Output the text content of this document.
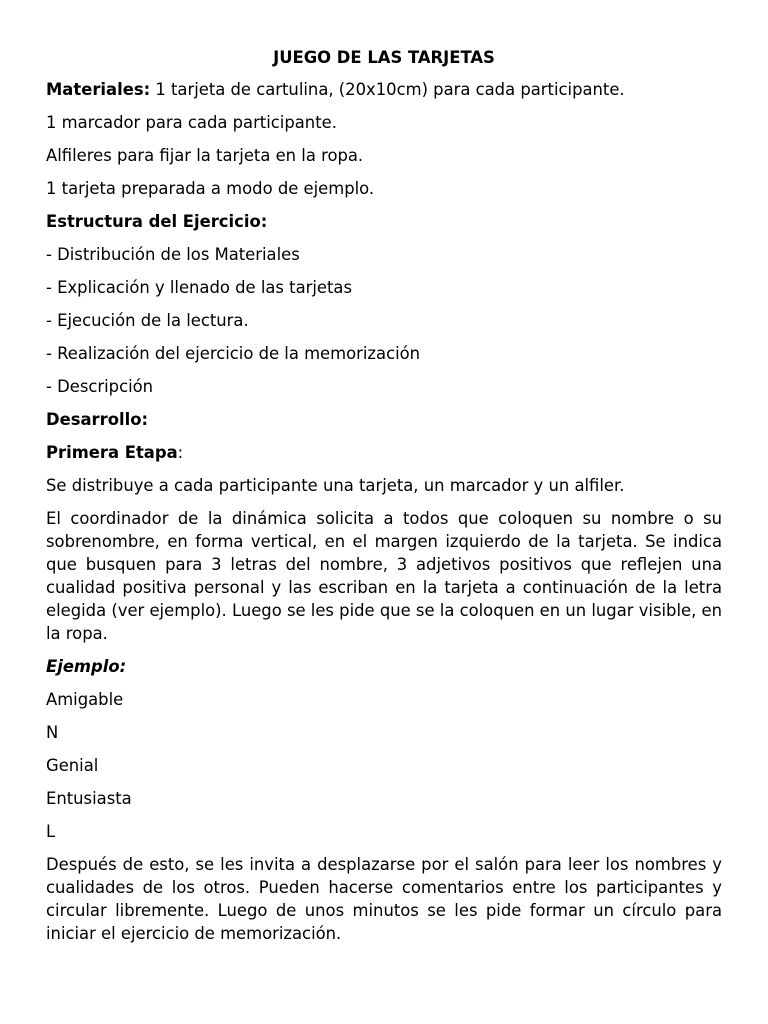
JUEGO DE LAS TARJETAS

Materiales: 1 tarjeta de cartulina, (20x10cm) para cada participante.

1 marcador para cada participante.

Alfileres para fijar la tarjeta en la ropa.

1 tarjeta preparada a modo de ejemplo.

Estructura del Ejercicio:

- Distribución de los Materiales

- Explicación y llenado de las tarjetas

- Ejecución de la lectura.

- Realización del ejercicio de la memorización

- Descripción

Desarrollo:

Primera Etapa:

Se distribuye a cada participante una tarjeta, un marcador y un alfiler.

El coordinador de la dinámica solicita a todos que coloquen su nombre o su sobrenombre, en forma vertical, en el margen izquierdo de la tarjeta. Se indica que busquen para 3 letras del nombre, 3 adjetivos positivos que reflejen una cualidad positiva personal y las escriban en la tarjeta a continuación de la letra elegida (ver ejemplo). Luego se les pide que se la coloquen en un lugar visible, en la ropa.

Ejemplo:

Amigable

N

Genial

Entusiasta

L

Después de esto, se les invita a desplazarse por el salón para leer los nombres y cualidades de los otros. Pueden hacerse comentarios entre los participantes y circular libremente. Luego de unos minutos se les pide formar un círculo para iniciar el ejercicio de memorización.
